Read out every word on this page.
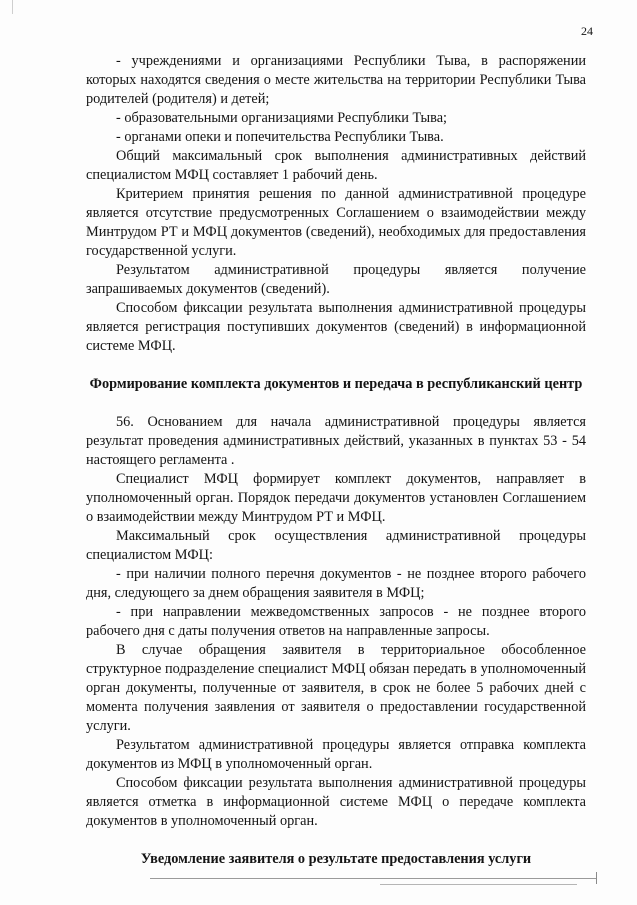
24

- учреждениями и организациями Республики Тыва, в распоряжении которых находятся сведения о месте жительства на территории Республики Тыва родителей (родителя) и детей;

- образовательными организациями Республики Тыва;

- органами опеки и попечительства Республики Тыва.

Общий максимальный срок выполнения административных действий специалистом МФЦ составляет 1 рабочий день.

Критерием принятия решения по данной административной процедуре является отсутствие предусмотренных Соглашением о взаимодействии между Минтрудом РТ и МФЦ документов (сведений), необходимых для предоставления государственной услуги.

Результатом административной процедуры является получение запрашиваемых документов (сведений).

Способом фиксации результата выполнения административной процедуры является регистрация поступивших документов (сведений) в информационной системе МФЦ.

Формирование комплекта документов и передача в республиканский центр

56. Основанием для начала административной процедуры является результат проведения административных действий, указанных в пунктах 53 - 54 настоящего регламента .

Специалист МФЦ формирует комплект документов, направляет в уполномоченный орган. Порядок передачи документов установлен Соглашением о взаимодействии между Минтрудом РТ и МФЦ.

Максимальный срок осуществления административной процедуры специалистом МФЦ:

- при наличии полного перечня документов - не позднее второго рабочего дня, следующего за днем обращения заявителя в МФЦ;

- при направлении межведомственных запросов - не позднее второго рабочего дня с даты получения ответов на направленные запросы.

В случае обращения заявителя в территориальное обособленное структурное подразделение специалист МФЦ обязан передать в уполномоченный орган документы, полученные от заявителя, в срок не более 5 рабочих дней с момента получения заявления от заявителя о предоставлении государственной услуги.

Результатом административной процедуры является отправка комплекта документов из МФЦ в уполномоченный орган.

Способом фиксации результата выполнения административной процедуры является отметка в информационной системе МФЦ о передаче комплекта документов в уполномоченный орган.

Уведомление заявителя о результате предоставления услуги
